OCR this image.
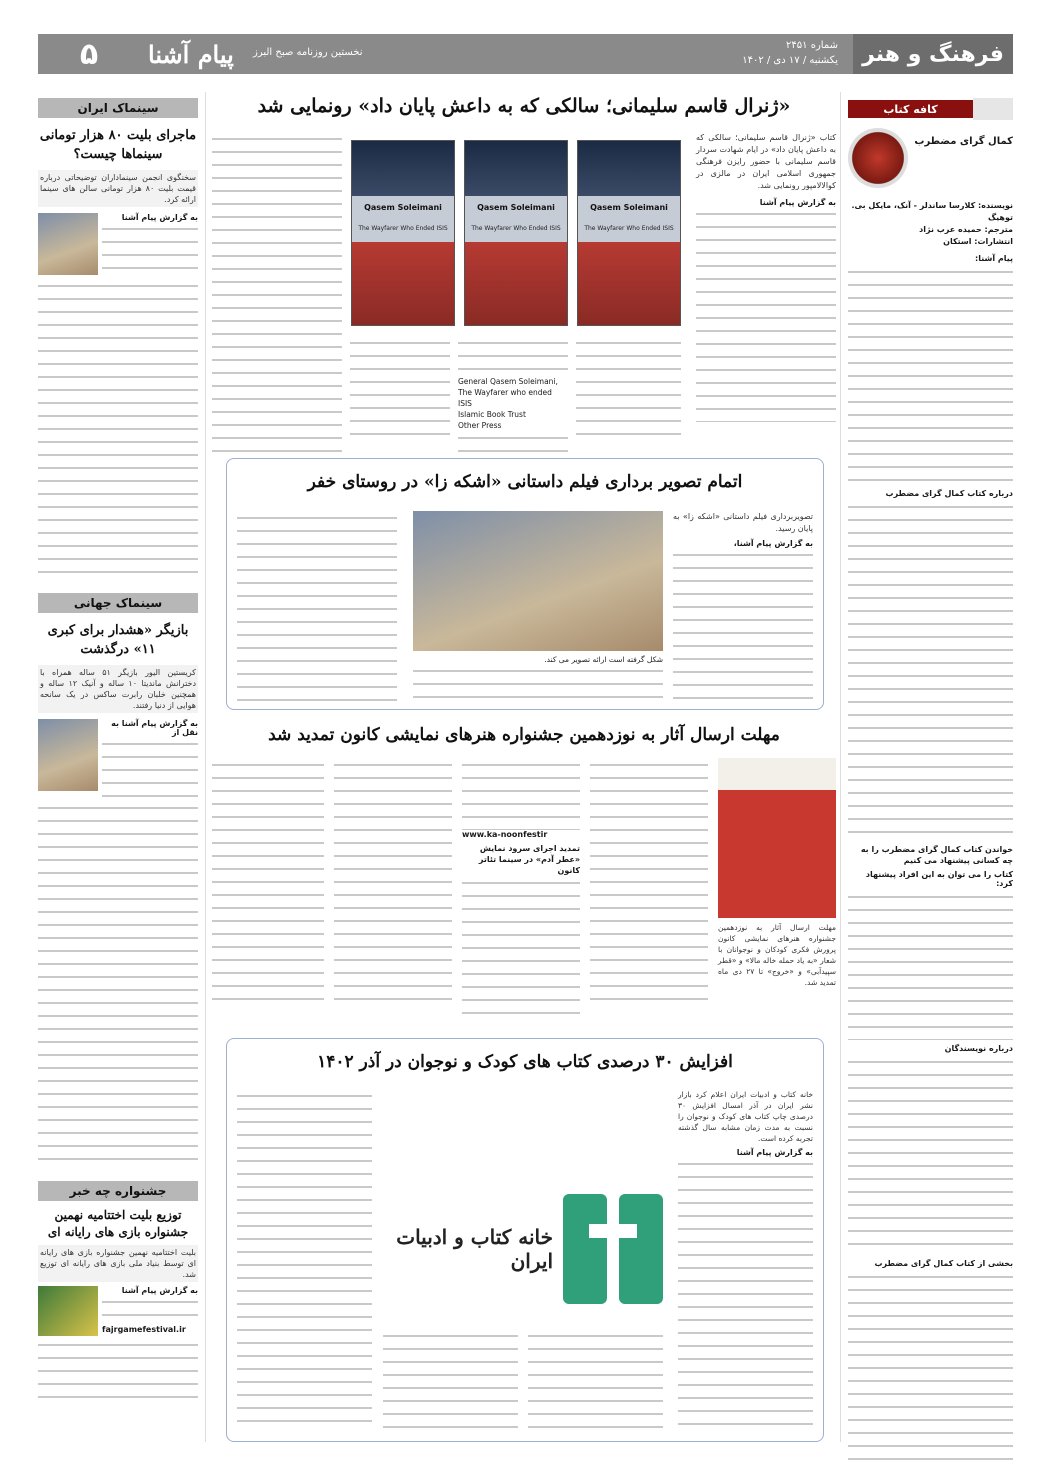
فرهنگ و هنر
شماره ۲۴۵۱
یکشنبه / ۱۷ دی / ۱۴۰۲
نخستین روزنامه صبح البرز
پیام آشنا
۵
کافه کتاب
کمال گرای مضطرب
نویسنده: کلارسا ساندلر - آنک، مایکل بی. توهیگ
مترجم: حمیده عرب نژاد
انتشارات: استکان
پیام آشنا:
درباره کتاب کمال گرای مضطرب
خواندن کتاب کمال گرای مضطرب را به چه کسانی پیشنهاد می کنیم
کتاب را می توان به این افراد پیشنهاد کرد:
درباره نویسندگان
بخشی از کتاب کمال گرای مضطرب
سینماک ایران
ماجرای بلیت ۸۰ هزار تومانی سینماها چیست؟
سخنگوی انجمن سینماداران توضیحاتی درباره قیمت بلیت ۸۰ هزار تومانی سالن های سینما ارائه کرد.
به گزارش پیام آشنا
سینماک جهانی
بازیگر «هشدار برای کبری ۱۱» درگذشت
کریستین الیور بازیگر ۵۱ ساله همراه با دخترانش ماندیتا ۱۰ ساله و آنیک ۱۲ ساله و همچنین خلبان رابرت ساکس در یک سانحه هوایی از دنیا رفتند.
به گزارش پیام آشنا به نقل از
جشنواره چه خبر
توزیع بلیت اختتامیه نهمین جشنواره بازی های رایانه ای
بلیت اختتامیه نهمین جشنواره بازی های رایانه ای توسط بنیاد ملی بازی های رایانه ای توزیع شد.
به گزارش پیام آشنا
fajrgamefestival.ir
«ژنرال قاسم سلیمانی؛ سالکی که به داعش پایان داد» رونمایی شد
کتاب «ژنرال قاسم سلیمانی؛ سالکی که به داعش پایان داد» در ایام شهادت سردار قاسم سلیمانی با حضور رایزن فرهنگی جمهوری اسلامی ایران در مالزی در کوالالامپور رونمایی شد.
به گزارش پیام آشنا
Qasem Soleimani
The Wayfarer Who Ended ISIS
Qasem Soleimani
The Wayfarer Who Ended ISIS
Qasem Soleimani
The Wayfarer Who Ended ISIS
General Qasem Soleimani, The Wayfarer who ended ISIS
Islamic Book Trust
Other Press
اتمام تصویر برداری فیلم داستانی «اشکه زا» در روستای خفر
تصویربرداری فیلم داستانی «اشکه زا» به پایان رسید.
به گزارش پیام آشنا،
شکل گرفته است ارائه تصویر می کند.
مهلت ارسال آثار به نوزدهمین جشنواره هنرهای نمایشی کانون تمدید شد
مهلت ارسال آثار به نوزدهمین جشنواره هنرهای نمایشی کانون پرورش فکری کودکان و نوجوانان با شعار «به یاد حمله خاله مالا» و «قطر سپیدآبی» و «خروج» تا ۲۷ دی ماه تمدید شد.
www.ka-noonfestir
تمدید اجرای سرود نمایش «عطر آدم» در سینما تئاتر کانون
افزایش ۳۰ درصدی کتاب های کودک و نوجوان در آذر ۱۴۰۲
خانه کتاب و ادبیات ایران اعلام کرد بازار نشر ایران در آذر امسال افزایش ۳۰ درصدی چاپ کتاب های کودک و نوجوان را نسبت به مدت زمان مشابه سال گذشته تجربه کرده است.
به گزارش پیام آشنا
خانه کتاب و ادبیات ایران
